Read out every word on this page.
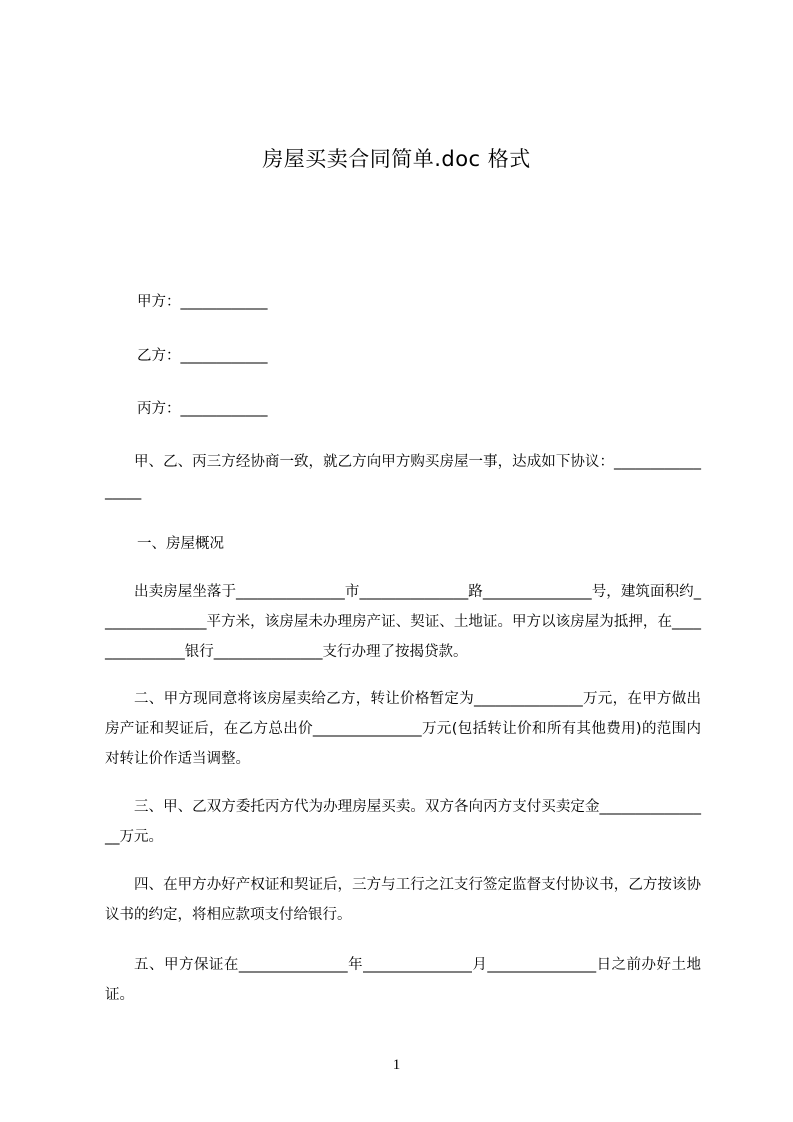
房屋买卖合同简单.doc 格式
甲方：____________
乙方：____________
丙方：____________

甲、乙、丙三方经协商一致，就乙方向甲方购买房屋一事，达成如下协议：_________________

一、房屋概况

出卖房屋坐落于_______________市_______________路_______________号，建筑面积约_______________平方米，该房屋未办理房产证、契证、土地证。甲方以该房屋为抵押，在_______________银行_______________支行办理了按揭贷款。

二、甲方现同意将该房屋卖给乙方，转让价格暂定为_______________万元，在甲方做出房产证和契证后，在乙方总出价_______________万元(包括转让价和所有其他费用)的范围内对转让价作适当调整。

三、甲、乙双方委托丙方代为办理房屋买卖。双方各向丙方支付买卖定金________________万元。

四、在甲方办好产权证和契证后，三方与工行之江支行签定监督支付协议书，乙方按该协议书的约定，将相应款项支付给银行。

五、甲方保证在_______________年_______________月_______________日之前办好土地证。

1
